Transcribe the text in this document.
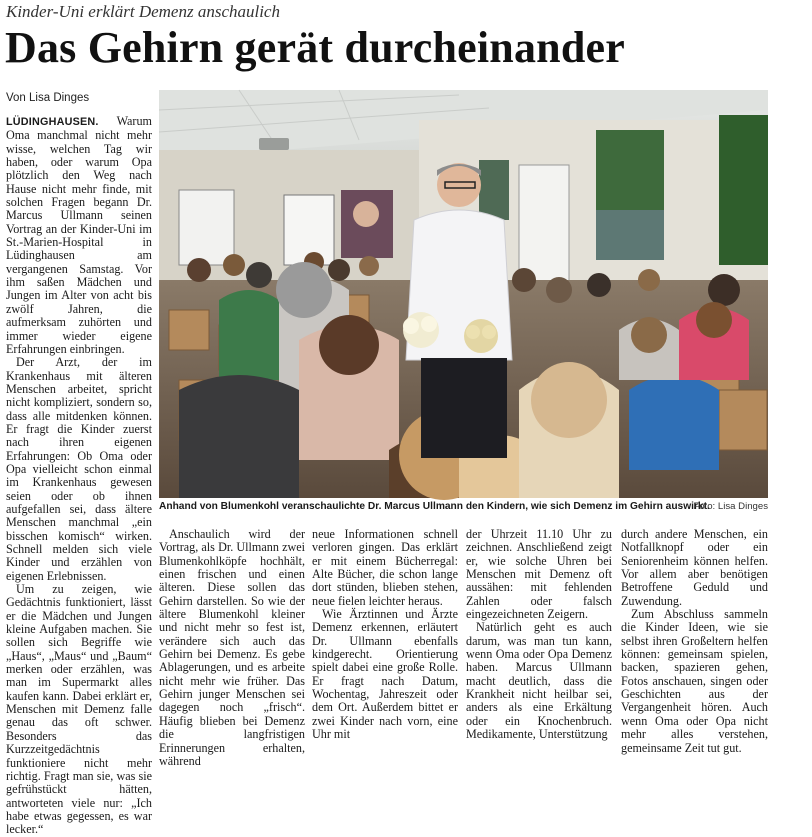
Kinder-Uni erklärt Demenz anschaulich
Das Gehirn gerät durcheinander
Von Lisa Dinges

LÜDINGHAUSEN. Warum Oma manchmal nicht mehr wisse, welchen Tag wir haben, oder warum Opa plötzlich den Weg nach Hause nicht mehr finde, mit solchen Fragen begann Dr. Marcus Ullmann seinen Vortrag an der Kinder-Uni im St.-Marien-Hospital in Lüdinghausen am vergangenen Samstag. Vor ihm saßen Mädchen und Jungen im Alter von acht bis zwölf Jahren, die aufmerksam zuhörten und immer wieder eigene Erfahrungen einbringen.

Der Arzt, der im Krankenhaus mit älteren Menschen arbeitet, spricht nicht kompliziert, sondern so, dass alle mitdenken können. Er fragt die Kinder zuerst nach ihren eigenen Erfahrungen: Ob Oma oder Opa vielleicht schon einmal im Krankenhaus gewesen seien oder ob ihnen aufgefallen sei, dass ältere Menschen manchmal „ein bisschen komisch“ wirken. Schnell melden sich viele Kinder und erzählen von eigenen Erlebnissen.

Um zu zeigen, wie Gedächtnis funktioniert, lässt er die Mädchen und Jungen kleine Aufgaben machen. Sie sollen sich Begriffe wie „Haus“, „Maus“ und „Baum“ merken oder erzählen, was man im Supermarkt alles kaufen kann. Dabei erklärt er, Menschen mit Demenz falle genau das oft schwer. Besonders das Kurzzeitgedächtnis funktioniere nicht mehr richtig. Fragt man sie, was sie gefrühstückt hätten, antworteten viele nur: „Ich habe etwas gegessen, es war lecker.“

Anhand von Blumenkohl veranschaulichte Dr. Marcus Ullmann den Kindern, wie sich Demenz im Gehirn auswirkt.
Foto: Lisa Dinges

Anschaulich wird der Vortrag, als Dr. Ullmann zwei Blumenkohlköpfe hochhält, einen frischen und einen älteren. Diese sollen das Gehirn darstellen. So wie der ältere Blumenkohl kleiner und nicht mehr so fest ist, verändere sich auch das Gehirn bei Demenz. Es gebe Ablagerungen, und es arbeite nicht mehr wie früher. Das Gehirn junger Menschen sei dagegen noch „frisch“. Häufig blieben bei Demenz die langfristigen Erinnerungen erhalten, während

neue Informationen schnell verloren gingen. Das erklärt er mit einem Bücherregal: Alte Bücher, die schon lange dort stünden, blieben stehen, neue fielen leichter heraus.

Wie Ärztinnen und Ärzte Demenz erkennen, erläutert Dr. Ullmann ebenfalls kindgerecht. Orientierung spielt dabei eine große Rolle. Er fragt nach Datum, Wochentag, Jahreszeit oder dem Ort. Außerdem bittet er zwei Kinder nach vorn, eine Uhr mit

der Uhrzeit 11.10 Uhr zu zeichnen. Anschließend zeigt er, wie solche Uhren bei Menschen mit Demenz oft aussähen: mit fehlenden Zahlen oder falsch eingezeichneten Zeigern.

Natürlich geht es auch darum, was man tun kann, wenn Oma oder Opa Demenz haben. Marcus Ullmann macht deutlich, dass die Krankheit nicht heilbar sei, anders als eine Erkältung oder ein Knochenbruch. Medikamente, Unterstützung

durch andere Menschen, ein Notfallknopf oder ein Seniorenheim können helfen. Vor allem aber benötigen Betroffene Geduld und Zuwendung.

Zum Abschluss sammeln die Kinder Ideen, wie sie selbst ihren Großeltern helfen können: gemeinsam spielen, backen, spazieren gehen, Fotos anschauen, singen oder Geschichten aus der Vergangenheit hören. Auch wenn Oma oder Opa nicht mehr alles verstehen, gemeinsame Zeit tut gut.
